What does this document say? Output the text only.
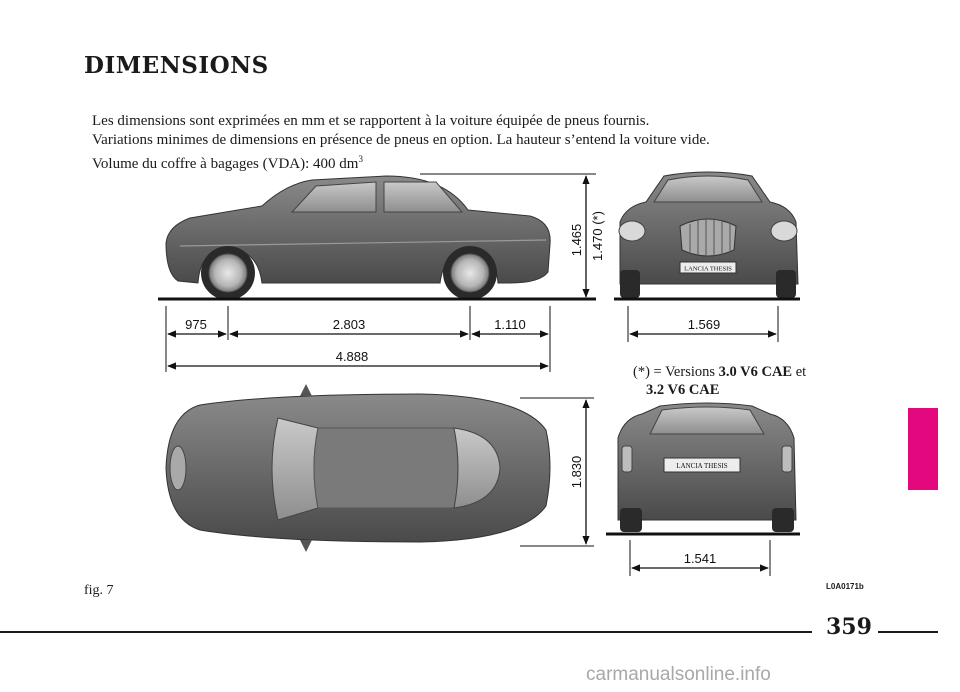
DIMENSIONS

Les dimensions sont exprimées en mm et se rapportent à la voiture équipée de pneus fournis.

Variations minimes de dimensions en présence de pneus en option. La hauteur s’entend la voiture vide.

Volume du coffre à bagages (VDA): 400 $dm^3$

975	2.803	1.110
4.888
1.465 1.470 (*)
LANCIA THESIS
1.569
1.830	LANCIA THESIS
1.541
(*) = Versions 3.0 V6 CAE et
3.2 V6 CAE
fig. 7	L0A0171b
359
carmanualsonline.info
